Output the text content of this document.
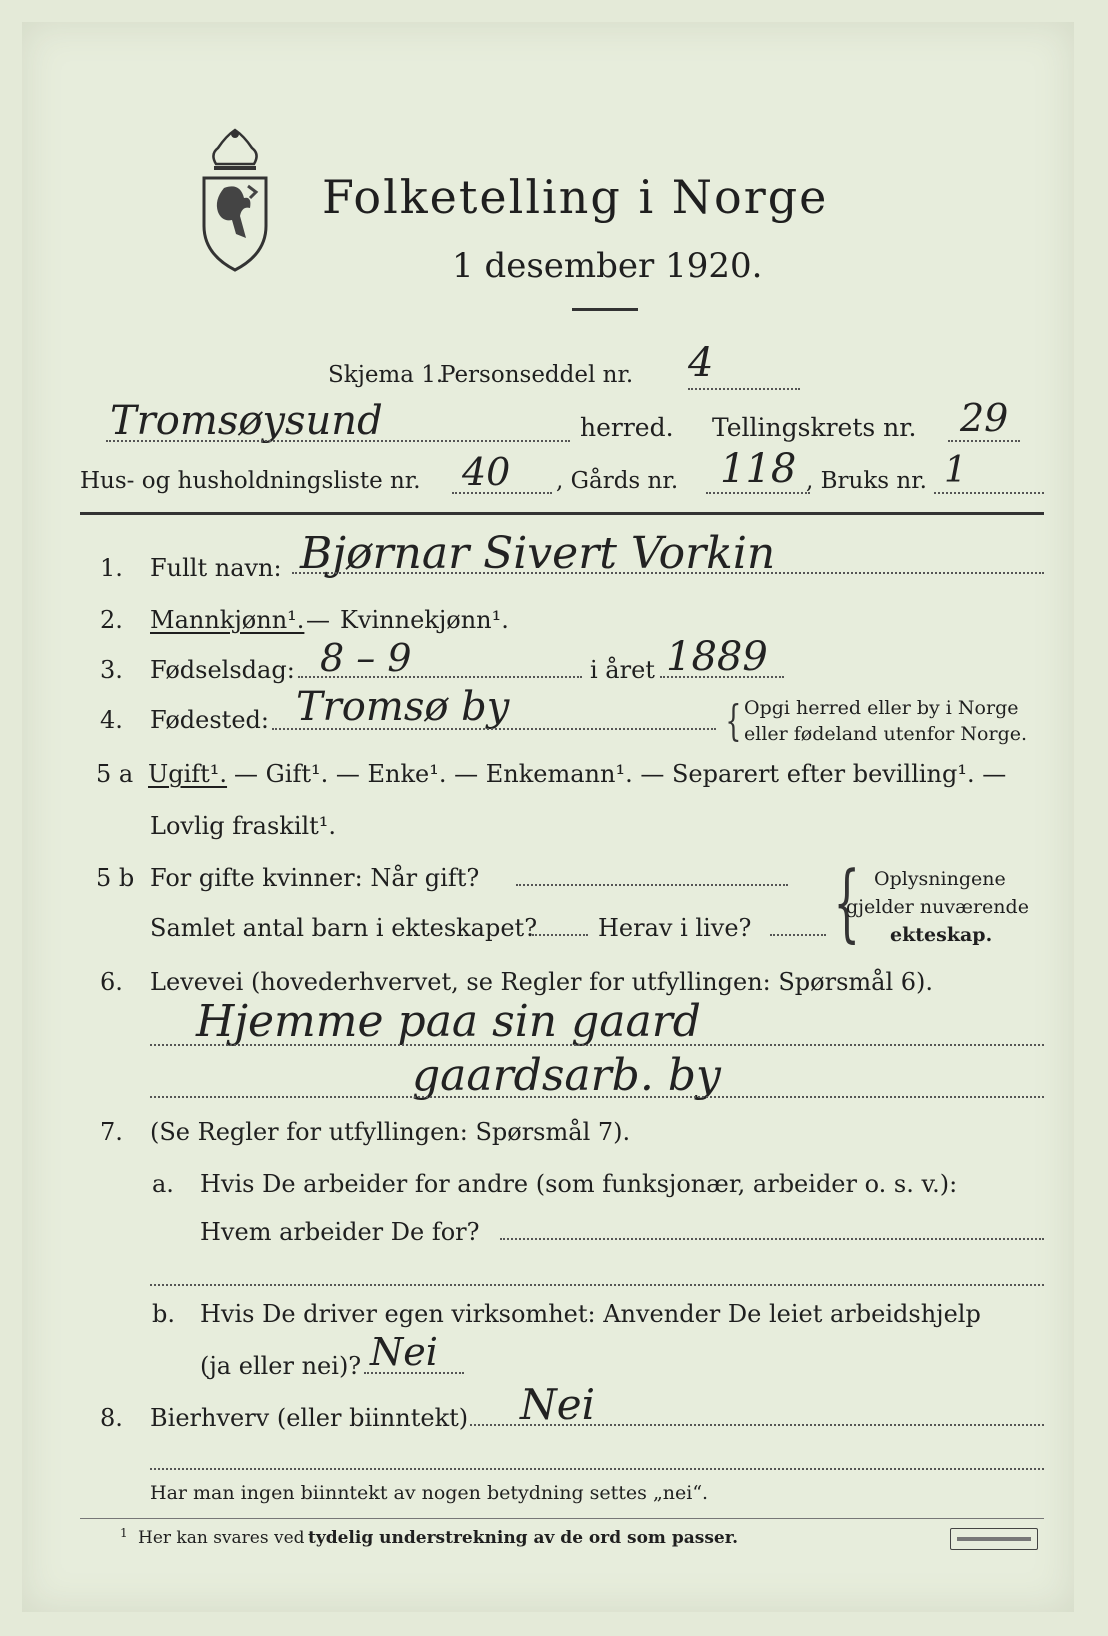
Folketelling i Norge
1 desember 1920.
Skjema 1.
Personseddel nr. 4
Tromsøysund	herred. Tellingskrets nr. 29
Hus- og husholdningsliste nr. 40 , Gårds nr. 118 , Bruks nr. 1
1. Fullt navn: Bjørnar Sivert Vorkin
2. Mannkjønn¹. — Kvinnekjønn¹.
3. Fødselsdag: 8 – 9	i året 1889
4. Fødested: Tromsø by	{ Opgi herred eller by i Norge
eller fødeland utenfor Norge.
5 a Ugift¹. — Gift¹. — Enke¹. — Enkemann¹. — Separert efter bevilling¹. —
Lovlig fraskilt¹.
5 b For gifte kvinner: Når gift?
Samlet antal barn i ekteskapet?	Herav i live? { Oplysningene
gjelder nuværende
ekteskap.
6. Levevei (hovederhvervet, se Regler for utfyllingen: Spørsmål 6).
Hjemme paa sin gaard
gaardsarb. by
7. (Se Regler for utfyllingen: Spørsmål 7).
a. Hvis De arbeider for andre (som funksjonær, arbeider o. s. v.):
Hvem arbeider De for?
b. Hvis De driver egen virksomhet: Anvender De leiet arbeidshjelp
(ja eller nei)? Nei
8. Bierhverv (eller biinntekt) Nei
Har man ingen biinntekt av nogen betydning settes „nei“.
1 Her kan svares ved tydelig understrekning av de ord som passer.
